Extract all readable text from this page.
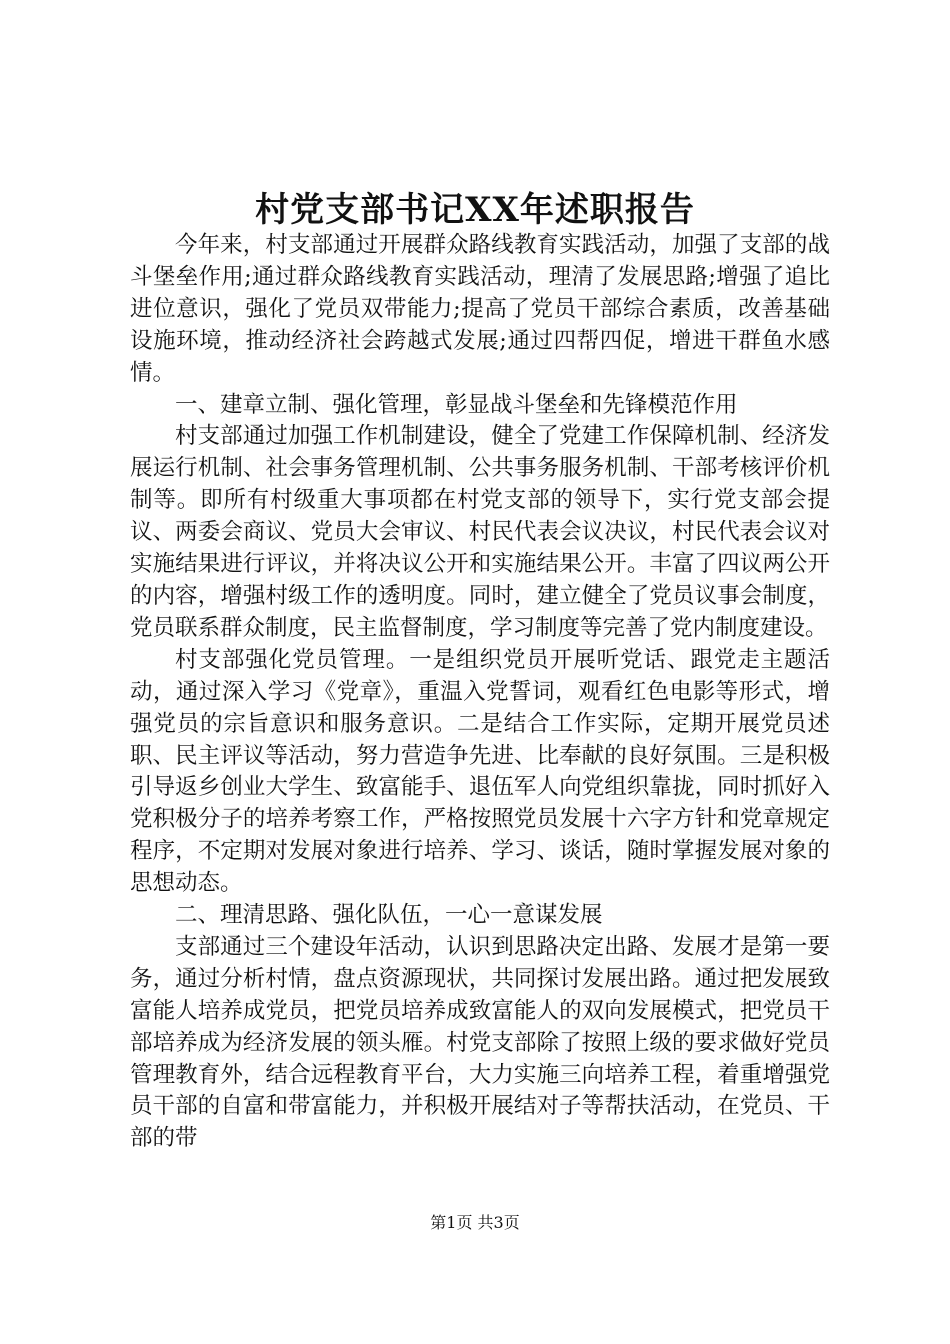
村党支部书记XX年述职报告

今年来，村支部通过开展群众路线教育实践活动，加强了支部的战斗堡垒作用;通过群众路线教育实践活动，理清了发展思路;增强了追比进位意识，强化了党员双带能力;提高了党员干部综合素质，改善基础设施环境，推动经济社会跨越式发展;通过四帮四促，增进干群鱼水感情。

一、建章立制、强化管理，彰显战斗堡垒和先锋模范作用

村支部通过加强工作机制建设，健全了党建工作保障机制、经济发展运行机制、社会事务管理机制、公共事务服务机制、干部考核评价机制等。即所有村级重大事项都在村党支部的领导下，实行党支部会提议、两委会商议、党员大会审议、村民代表会议决议，村民代表会议对实施结果进行评议，并将决议公开和实施结果公开。丰富了四议两公开的内容，增强村级工作的透明度。同时，建立健全了党员议事会制度，党员联系群众制度，民主监督制度，学习制度等完善了党内制度建设。

村支部强化党员管理。一是组织党员开展听党话、跟党走主题活动，通过深入学习《党章》，重温入党誓词，观看红色电影等形式，增强党员的宗旨意识和服务意识。二是结合工作实际，定期开展党员述职、民主评议等活动，努力营造争先进、比奉献的良好氛围。三是积极引导返乡创业大学生、致富能手、退伍军人向党组织靠拢，同时抓好入党积极分子的培养考察工作，严格按照党员发展十六字方针和党章规定程序，不定期对发展对象进行培养、学习、谈话，随时掌握发展对象的思想动态。

二、理清思路、强化队伍，一心一意谋发展

支部通过三个建设年活动，认识到思路决定出路、发展才是第一要务，通过分析村情，盘点资源现状，共同探讨发展出路。通过把发展致富能人培养成党员，把党员培养成致富能人的双向发展模式，把党员干部培养成为经济发展的领头雁。村党支部除了按照上级的要求做好党员管理教育外，结合远程教育平台，大力实施三向培养工程，着重增强党员干部的自富和带富能力，并积极开展结对子等帮扶活动，在党员、干部的带

第1页 共3页
